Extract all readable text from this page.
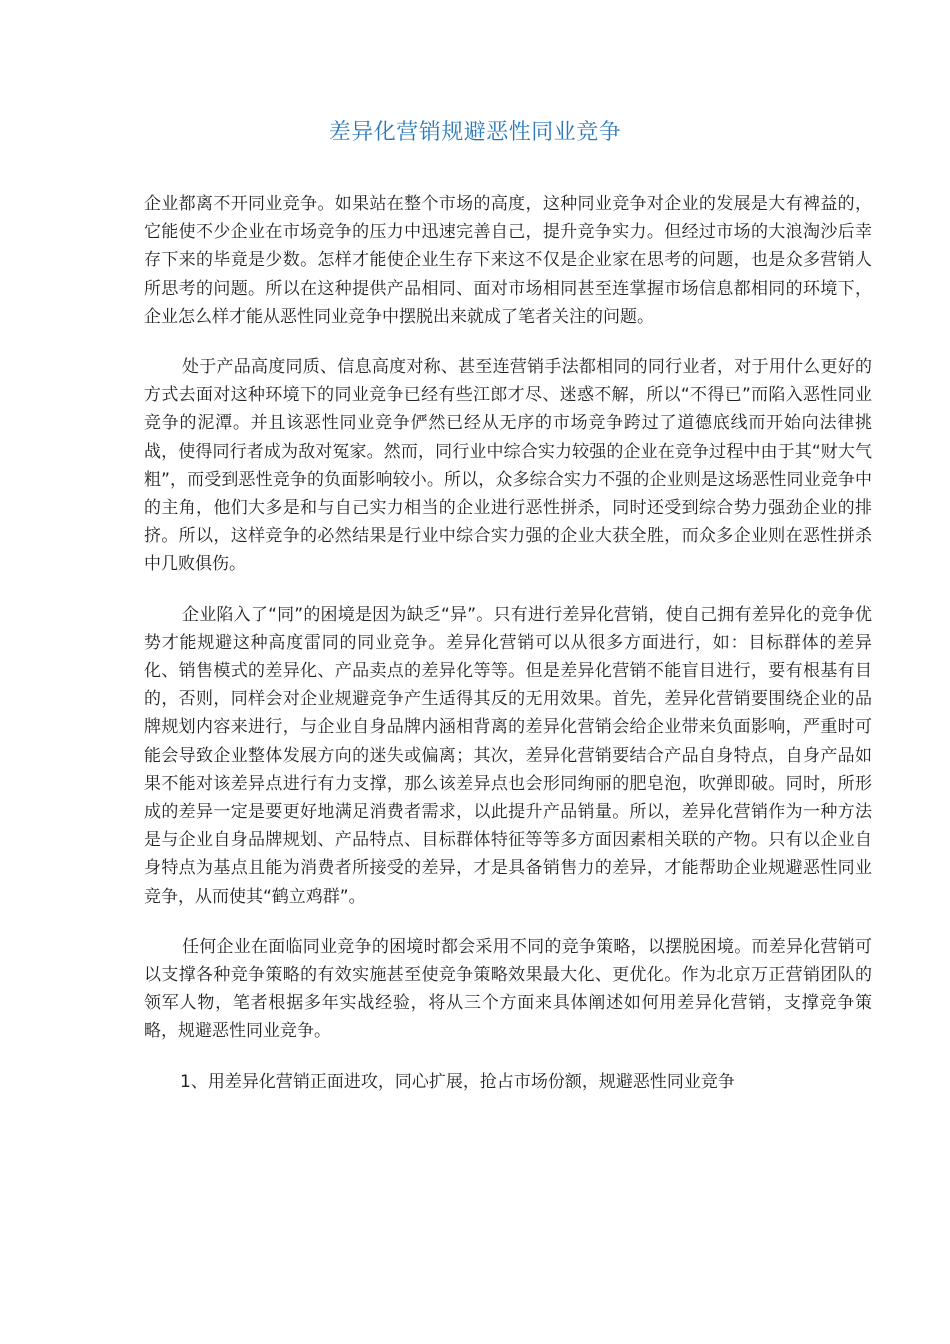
差异化营销规避恶性同业竞争

企业都离不开同业竞争。如果站在整个市场的高度，这种同业竞争对企业的发展是大有裨益的，它能使不少企业在市场竞争的压力中迅速完善自己，提升竞争实力。但经过市场的大浪淘沙后幸存下来的毕竟是少数。怎样才能使企业生存下来这不仅是企业家在思考的问题，也是众多营销人所思考的问题。所以在这种提供产品相同、面对市场相同甚至连掌握市场信息都相同的环境下，企业怎么样才能从恶性同业竞争中摆脱出来就成了笔者关注的问题。

处于产品高度同质、信息高度对称、甚至连营销手法都相同的同行业者，对于用什么更好的方式去面对这种环境下的同业竞争已经有些江郎才尽、迷惑不解，所以“不得已”而陷入恶性同业竞争的泥潭。并且该恶性同业竞争俨然已经从无序的市场竞争跨过了道德底线而开始向法律挑战，使得同行者成为敌对冤家。然而，同行业中综合实力较强的企业在竞争过程中由于其“财大气粗”，而受到恶性竞争的负面影响较小。所以，众多综合实力不强的企业则是这场恶性同业竞争中的主角，他们大多是和与自己实力相当的企业进行恶性拼杀，同时还受到综合势力强劲企业的排挤。所以，这样竞争的必然结果是行业中综合实力强的企业大获全胜，而众多企业则在恶性拼杀中几败俱伤。

企业陷入了“同”的困境是因为缺乏“异”。只有进行差异化营销，使自己拥有差异化的竞争优势才能规避这种高度雷同的同业竞争。差异化营销可以从很多方面进行，如：目标群体的差异化、销售模式的差异化、产品卖点的差异化等等。但是差异化营销不能盲目进行，要有根基有目的，否则，同样会对企业规避竞争产生适得其反的无用效果。首先，差异化营销要围绕企业的品牌规划内容来进行，与企业自身品牌内涵相背离的差异化营销会给企业带来负面影响，严重时可能会导致企业整体发展方向的迷失或偏离；其次，差异化营销要结合产品自身特点，自身产品如果不能对该差异点进行有力支撑，那么该差异点也会形同绚丽的肥皂泡，吹弹即破。同时，所形成的差异一定是要更好地满足消费者需求，以此提升产品销量。所以，差异化营销作为一种方法是与企业自身品牌规划、产品特点、目标群体特征等等多方面因素相关联的产物。只有以企业自身特点为基点且能为消费者所接受的差异，才是具备销售力的差异，才能帮助企业规避恶性同业竞争，从而使其“鹤立鸡群”。

任何企业在面临同业竞争的困境时都会采用不同的竞争策略，以摆脱困境。而差异化营销可以支撑各种竞争策略的有效实施甚至使竞争策略效果最大化、更优化。作为北京万正营销团队的领军人物，笔者根据多年实战经验，将从三个方面来具体阐述如何用差异化营销，支撑竞争策略，规避恶性同业竞争。

1、用差异化营销正面进攻，同心扩展，抢占市场份额，规避恶性同业竞争
